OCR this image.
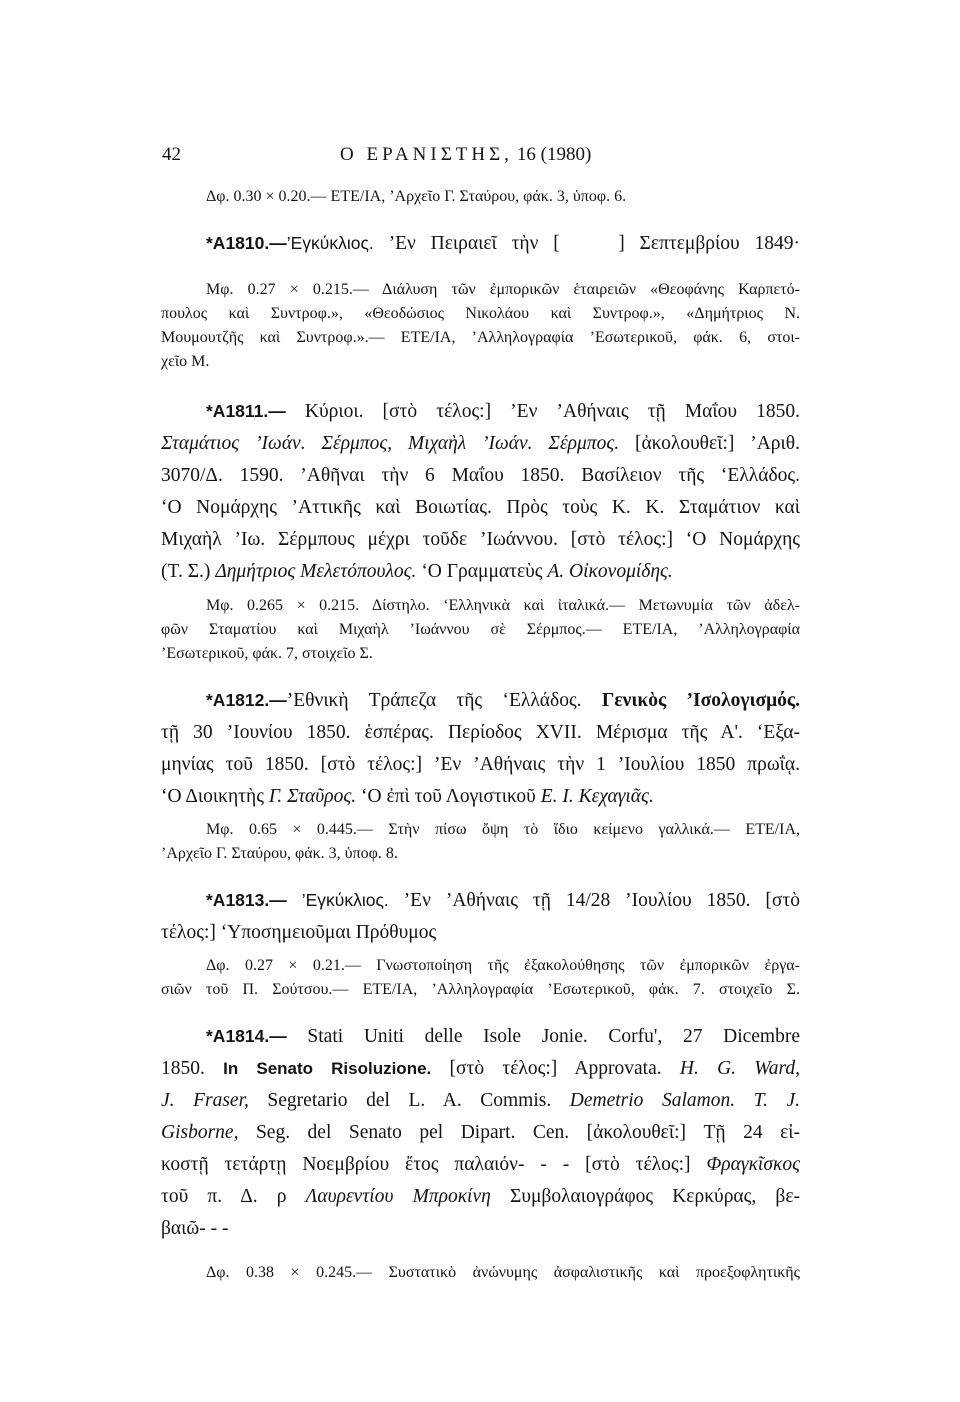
42	Ο ΕΡΑΝΙΣΤΗΣ, 16 (1980)
Δφ. 0.30 × 0.20.— ΕΤΕ/ΙΑ, ’Αρχεῖο Γ. Σταύρου, φάκ. 3, ὑποφ. 6.
*A1810.—’Εγκύκλιος. ’Εν Πειραιεῖ τὴν [   ] Σεπτεμβρίου 1849·
Μφ. 0.27 × 0.215.— Διάλυση τῶν ἐμπορικῶν ἑταιρειῶν «Θεοφάνης Καρπετό-
πουλος καὶ Συντροφ.», «Θεοδώσιος Νικολάου καὶ Συντροφ.», «Δημήτριος Ν.
Μουμουτζῆς καὶ Συντροφ.».— ΕΤΕ/ΙΑ, ’Αλληλογραφία ’Εσωτερικοῦ, φάκ. 6, στοι-
χεῖο Μ.
*A1811.— Κύριοι. [στὸ τέλος:] ’Εν ’Αθήναις τῇ Μαΐου 1850.
Σταμάτιος ’Ιωάν. Σέρμπος, Μιχαὴλ ’Ιωάν. Σέρμπος. [ἀκολουθεῖ:] ’Αριθ.
3070/Δ. 1590. ’Αθῆναι τὴν 6 Μαΐου 1850. Βασίλειον τῆς ‘Ελλάδος.
‘Ο Νομάρχης ’Αττικῆς καὶ Βοιωτίας. Πρὸς τοὺς Κ. Κ. Σταμάτιον καὶ
Μιχαὴλ ’Ιω. Σέρμπους μέχρι τοῦδε ’Ιωάννου. [στὸ τέλος:] ‘Ο Νομάρχης
(Τ. Σ.) Δημήτριος Μελετόπουλος. ‘Ο Γραμματεὺς Α. Οἰκονομίδης.
Μφ. 0.265 × 0.215. Δίστηλο. ‘Ελληνικὰ καὶ ἰταλικά.— Μετωνυμία τῶν ἀδελ-
φῶν Σταματίου καὶ Μιχαὴλ ’Ιωάννου σὲ Σέρμπος.— ΕΤΕ/ΙΑ, ’Αλληλογραφία
’Εσωτερικοῦ, φάκ. 7, στοιχεῖο Σ.
*A1812.—’Εθνικὴ Τράπεζα τῆς ‘Ελλάδος. Γενικὸς ’Ισολογισμός.
τῇ 30 ’Ιουνίου 1850. ἑσπέρας. Περίοδος XVII. Μέρισμα τῆς Α'. ‘Εξα-
μηνίας τοῦ 1850. [στὸ τέλος:] ’Εν ’Αθήναις τὴν 1 ’Ιουλίου 1850 πρωΐᾳ.
‘Ο Διοικητὴς Γ. Σταῦρος. ‘Ο ἐπὶ τοῦ Λογιστικοῦ Ε. Ι. Κεχαγιᾶς.
Μφ. 0.65 × 0.445.— Στὴν πίσω ὄψη τὸ ἴδιο κείμενο γαλλικά.— ΕΤΕ/ΙΑ,
’Αρχεῖο Γ. Σταύρου, φάκ. 3, ὑποφ. 8.
*A1813.— ’Εγκύκλιος. ’Εν ’Αθήναις τῇ 14/28 ’Ιουλίου 1850. [στὸ
τέλος:] ‘Υποσημειοῦμαι Πρόθυμος
Δφ. 0.27 × 0.21.— Γνωστοποίηση τῆς ἐξακολούθησης τῶν ἐμπορικῶν ἐργα-
σιῶν τοῦ Π. Σούτσου.— ΕΤΕ/ΙΑ, ’Αλληλογραφία ’Εσωτερικοῦ, φάκ. 7. στοιχεῖο Σ.
*A1814.— Stati Uniti delle Isole Jonie. Corfu', 27 Dicembre
1850. In Senato Risoluzione. [στὸ τέλος:] Approvata. H. G. Ward,
J. Fraser, Segretario del L. A. Commis. Demetrio Salamon. T. J.
Gisborne, Seg. del Senato pel Dipart. Cen. [ἀκολουθεῖ:] Τῇ 24 εἰ-
κοστῇ τετάρτῃ Νοεμβρίου ἔτος παλαιόν- - - [στὸ τέλος:] Φραγκῖσκος
τοῦ π. Δ. ρ Λαυρεντίου Μπροκίνη Συμβολαιογράφος Κερκύρας, βε-
βαιῶ- - -
Δφ. 0.38 × 0.245.— Συστατικὸ ἀνώνυμης ἀσφαλιστικῆς καὶ προεξοφλητικῆς
